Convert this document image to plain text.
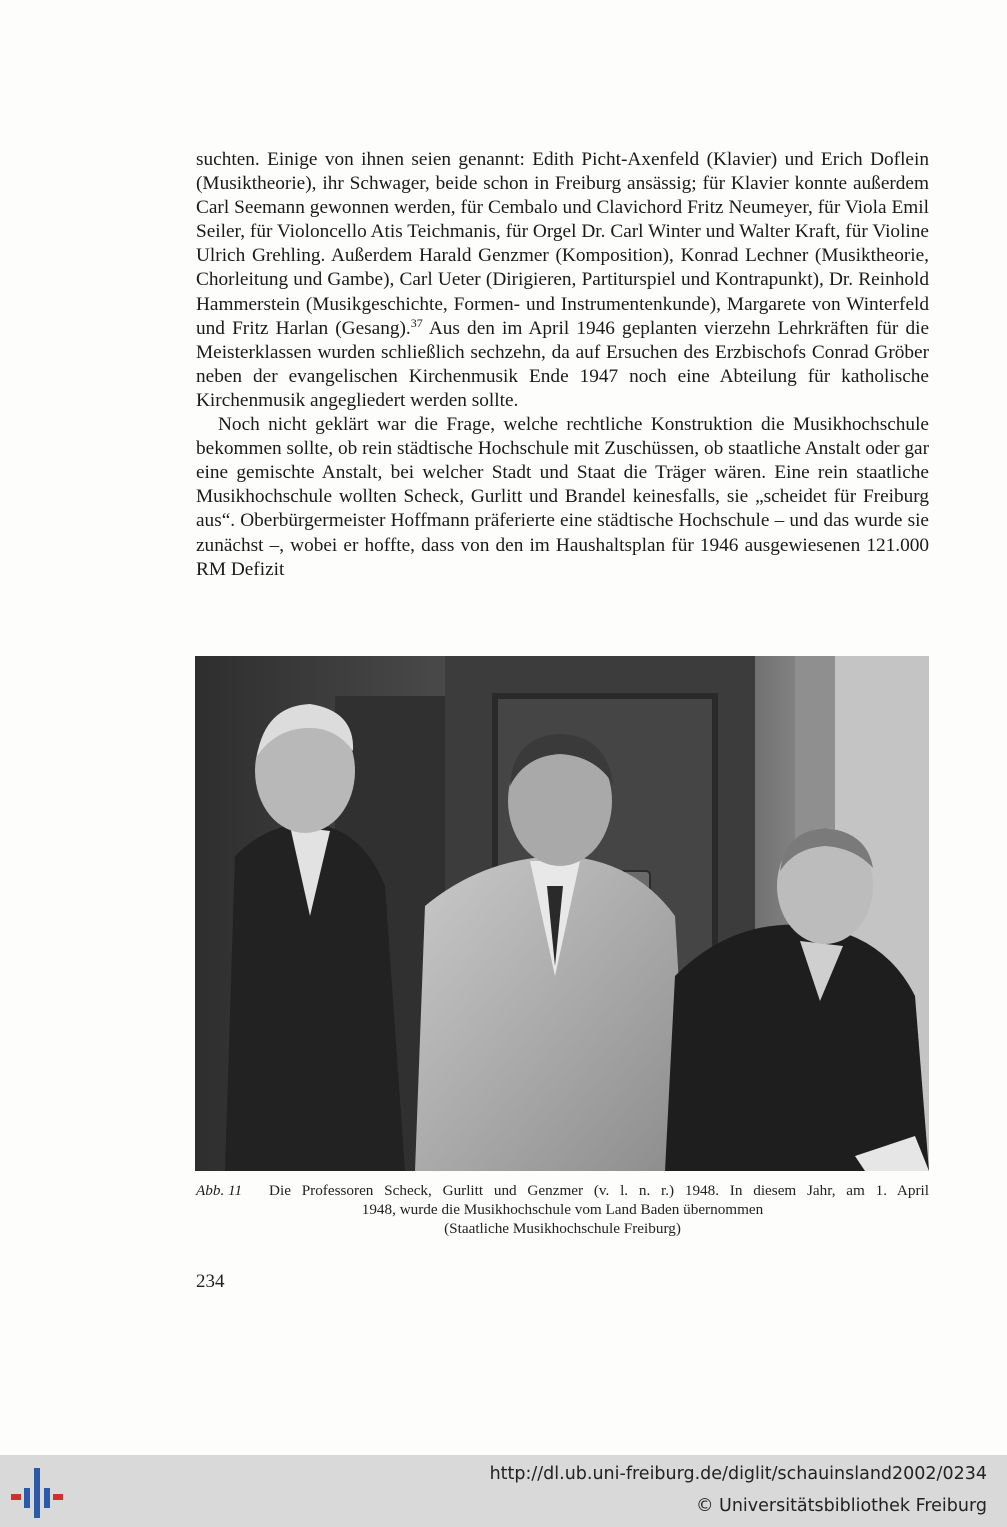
suchten. Einige von ihnen seien genannt: Edith Picht-Axenfeld (Klavier) und Erich Doflein (Musiktheorie), ihr Schwager, beide schon in Freiburg ansässig; für Klavier konnte außerdem Carl Seemann gewonnen werden, für Cembalo und Clavichord Fritz Neumeyer, für Viola Emil Seiler, für Violoncello Atis Teichmanis, für Orgel Dr. Carl Winter und Walter Kraft, für Violine Ulrich Grehling. Außerdem Harald Genzmer (Komposition), Konrad Lechner (Musiktheorie, Chorleitung und Gambe), Carl Ueter (Dirigieren, Partiturspiel und Kontrapunkt), Dr. Reinhold Hammerstein (Musikgeschichte, Formen- und Instrumentenkunde), Margarete von Winterfeld und Fritz Harlan (Gesang).$^{37}$ Aus den im April 1946 geplanten vierzehn Lehrkräften für die Meisterklassen wurden schließlich sechzehn, da auf Ersuchen des Erzbischofs Conrad Gröber neben der evangelischen Kirchenmusik Ende 1947 noch eine Abteilung für katholische Kirchenmusik angegliedert werden sollte.

Noch nicht geklärt war die Frage, welche rechtliche Konstruktion die Musikhochschule bekommen sollte, ob rein städtische Hochschule mit Zuschüssen, ob staatliche Anstalt oder gar eine gemischte Anstalt, bei welcher Stadt und Staat die Träger wären. Eine rein staatliche Musikhochschule wollten Scheck, Gurlitt und Brandel keinesfalls, sie „scheidet für Freiburg aus“. Oberbürgermeister Hoffmann präferierte eine städtische Hochschule – und das wurde sie zunächst –, wobei er hoffte, dass von den im Haushaltsplan für 1946 ausgewiesenen 121.000 RM Defizit

Abb. 11 Die Professoren Scheck, Gurlitt und Genzmer (v. l. n. r.) 1948. In diesem Jahr, am 1. April
1948, wurde die Musikhochschule vom Land Baden übernommen
(Staatliche Musikhochschule Freiburg)
234
http://dl.ub.uni-freiburg.de/diglit/schauinsland2002/0234
© Universitätsbibliothek Freiburg
